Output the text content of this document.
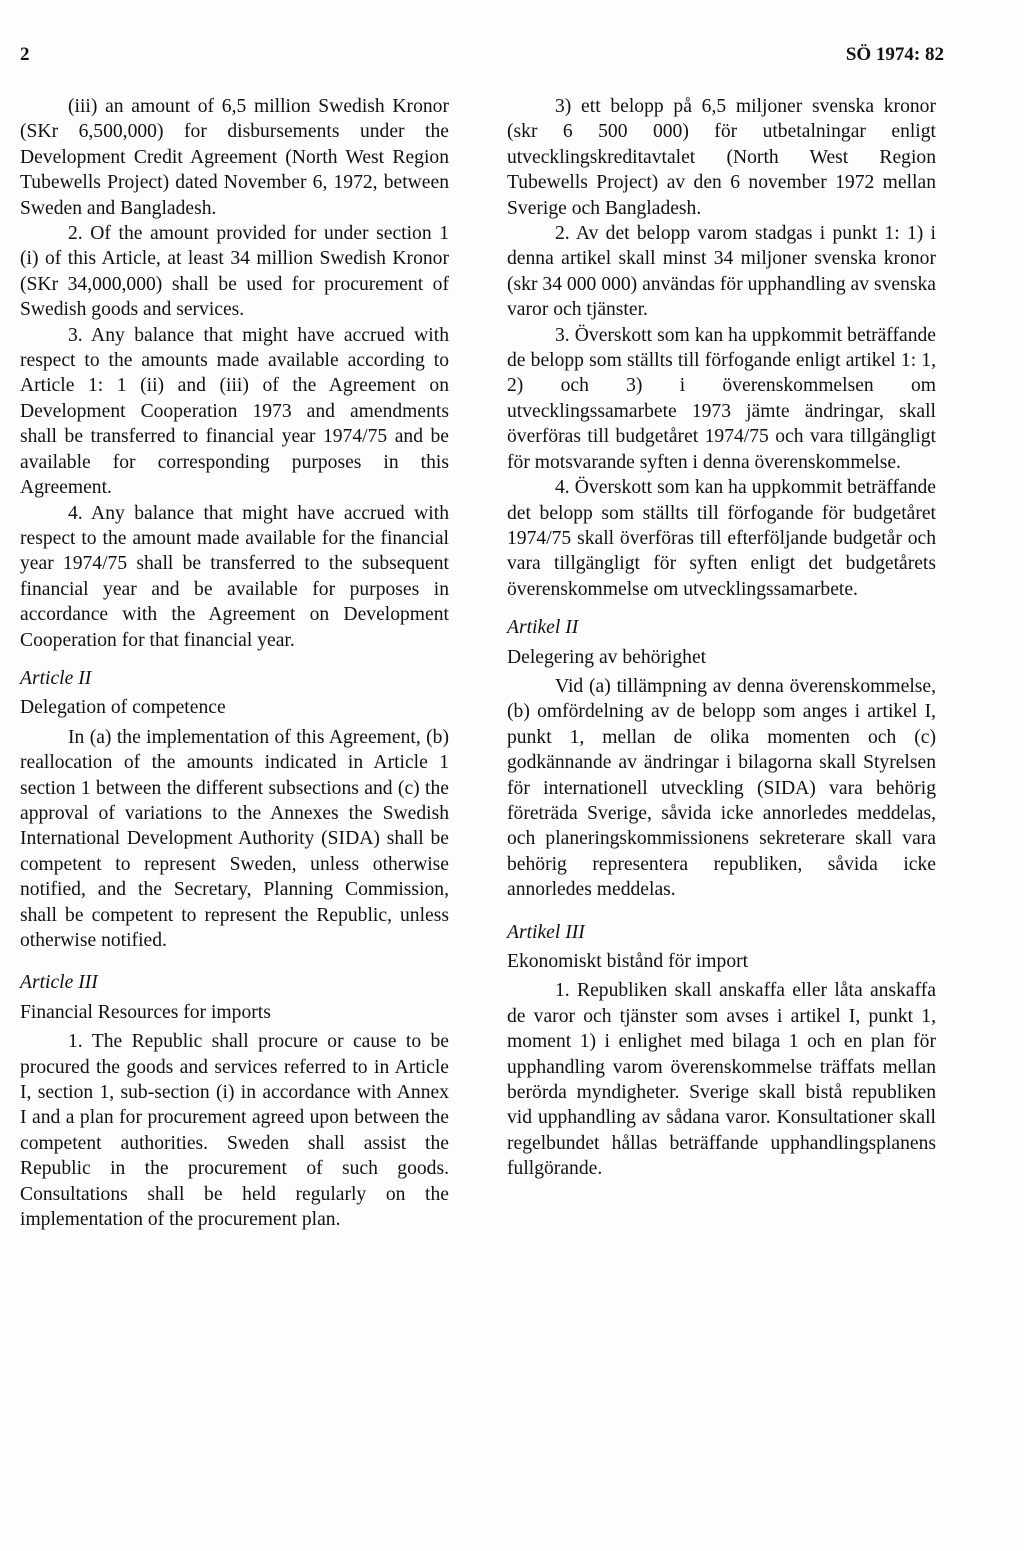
2	SÖ 1974: 82

(iii) an amount of 6,5 million Swedish Kronor (SKr 6,500,000) for disbursements under the Development Credit Agreement (North West Region Tubewells Project) dated November 6, 1972, between Sweden and Bangladesh.

2. Of the amount provided for under section 1 (i) of this Article, at least 34 million Swedish Kronor (SKr 34,000,000) shall be used for procurement of Swedish goods and services.

3. Any balance that might have accrued with respect to the amounts made available according to Article 1: 1 (ii) and (iii) of the Agreement on Development Cooperation 1973 and amendments shall be transferred to financial year 1974/75 and be available for corresponding purposes in this Agreement.

4. Any balance that might have accrued with respect to the amount made available for the financial year 1974/75 shall be transferred to the subsequent financial year and be available for purposes in accordance with the Agreement on Development Cooperation for that financial year.

Article II

Delegation of competence

In (a) the implementation of this Agreement, (b) reallocation of the amounts indicated in Article 1 section 1 between the different subsections and (c) the approval of variations to the Annexes the Swedish International Development Authority (SIDA) shall be competent to represent Sweden, unless otherwise notified, and the Secretary, Planning Commission, shall be competent to represent the Republic, unless otherwise notified.

Article III

Financial Resources for imports

1. The Republic shall procure or cause to be procured the goods and services referred to in Article I, section 1, sub-section (i) in accordance with Annex I and a plan for procurement agreed upon between the competent authorities. Sweden shall assist the Republic in the procurement of such goods. Consultations shall be held regularly on the implementation of the procurement plan.

3) ett belopp på 6,5 miljoner svenska kronor (skr 6 500 000) för utbetalningar enligt utvecklingskreditavtalet (North West Region Tubewells Project) av den 6 november 1972 mellan Sverige och Bangladesh.

2. Av det belopp varom stadgas i punkt 1: 1) i denna artikel skall minst 34 miljoner svenska kronor (skr 34 000 000) användas för upphandling av svenska varor och tjänster.

3. Överskott som kan ha uppkommit beträffande de belopp som ställts till förfogande enligt artikel 1: 1, 2) och 3) i överenskommelsen om utvecklingssamarbete 1973 jämte ändringar, skall överföras till budgetåret 1974/75 och vara tillgängligt för motsvarande syften i denna överenskommelse.

4. Överskott som kan ha uppkommit beträffande det belopp som ställts till förfogande för budgetåret 1974/75 skall överföras till efterföljande budgetår och vara tillgängligt för syften enligt det budgetårets överenskommelse om utvecklingssamarbete.

Artikel II

Delegering av behörighet

Vid (a) tillämpning av denna överenskommelse, (b) omfördelning av de belopp som anges i artikel I, punkt 1, mellan de olika momenten och (c) godkännande av ändringar i bilagorna skall Styrelsen för internationell utveckling (SIDA) vara behörig företräda Sverige, såvida icke annorledes meddelas, och planeringskommissionens sekreterare skall vara behörig representera republiken, såvida icke annorledes meddelas.

Artikel III

Ekonomiskt bistånd för import

1. Republiken skall anskaffa eller låta anskaffa de varor och tjänster som avses i artikel I, punkt 1, moment 1) i enlighet med bilaga 1 och en plan för upphandling varom överenskommelse träffats mellan berörda myndigheter. Sverige skall bistå republiken vid upphandling av sådana varor. Konsultationer skall regelbundet hållas beträffande upphandlingsplanens fullgörande.
